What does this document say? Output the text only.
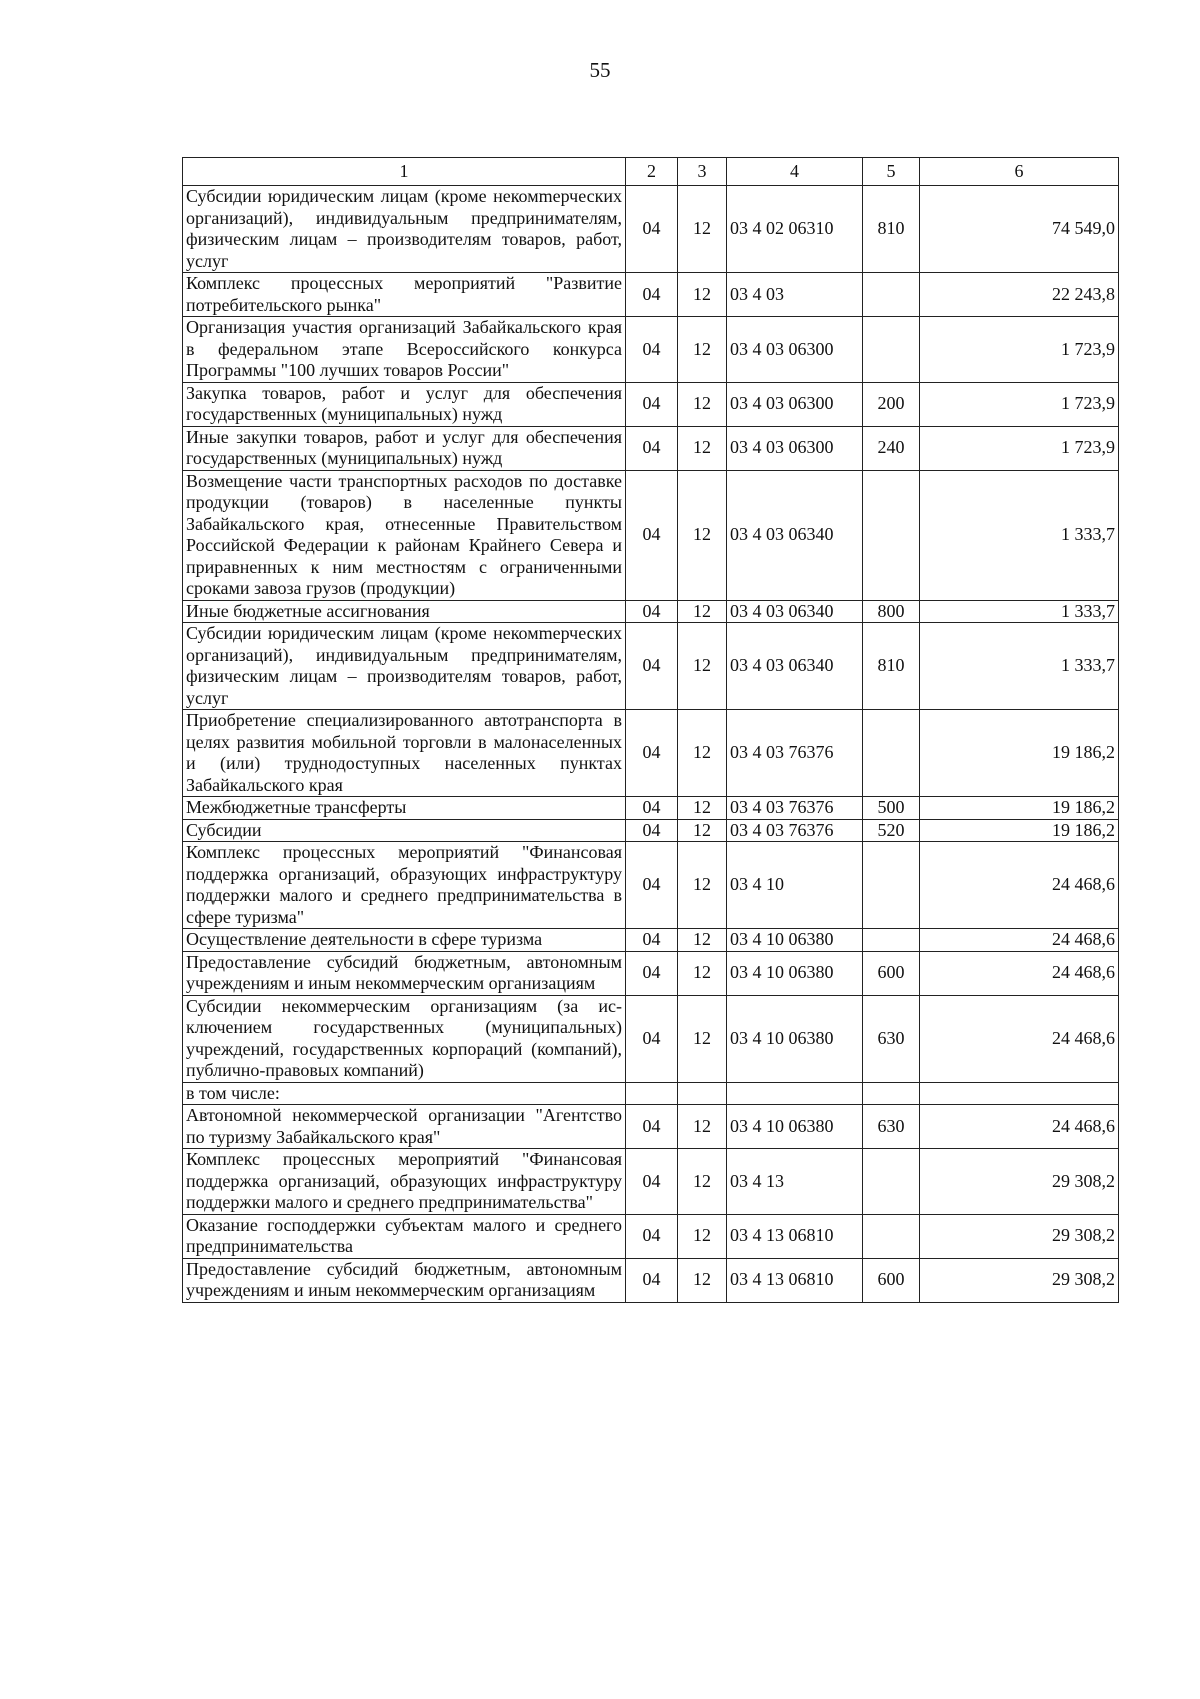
55
1	2	3	4	5	6
Субсидии юридическим лицам (кроме некомmерческих организаций), индивидуальным предпринимателям, физическим лицам – производителям товаров, работ, услуг	04	12	03 4 02 06310	810	74 549,0
Комплекс процессных мероприятий "Развитие потребительского рынка"	04	12	03 4 03		22 243,8
Организация участия организаций Забайкальского края в федеральном этапе Всероссийского конкурса Программы "100 лучших товаров России"	04	12	03 4 03 06300		1 723,9
Закупка товаров, работ и услуг для обеспечения государственных (муниципальных) нужд	04	12	03 4 03 06300	200	1 723,9
Иные закупки товаров, работ и услуг для обеспечения государственных (муниципальных) нужд	04	12	03 4 03 06300	240	1 723,9
Возмещение части транспортных расходов по доставке продукции (товаров) в населенные пункты Забайкальского края, отнесенные Правительством Российской Федерации к районам Крайнего Севера и приравненных к ним местностям с ограниченными сроками завоза грузов (продукции)	04	12	03 4 03 06340		1 333,7
Иные бюджетные ассигнования	04	12	03 4 03 06340	800	1 333,7
Субсидии юридическим лицам (кроме некомmерческих организаций), индивидуальным предпринимателям, физическим лицам – производителям товаров, работ, услуг	04	12	03 4 03 06340	810	1 333,7
Приобретение специализированного автотранспорта в целях развития мобильной торговли в малонаселенных и (или) труднодоступных населенных пунктах Забайкальского края	04	12	03 4 03 76376		19 186,2
Межбюджетные трансферты	04	12	03 4 03 76376	500	19 186,2
Субсидии	04	12	03 4 03 76376	520	19 186,2
Комплекс процессных мероприятий "Финансовая поддержка организаций, образующих инфраструктуру поддержки малого и среднего предпринимательства в сфере туризма"	04	12	03 4 10		24 468,6
Осуществление деятельности в сфере туризма	04	12	03 4 10 06380		24 468,6
Предоставление субсидий бюджетным, автономным учреждениям и иным некоммерческим организациям	04	12	03 4 10 06380	600	24 468,6
Субсидии некоммерческим организациям (за исключением государственных (муниципальных) учреждений, государственных корпораций (компаний), публично-правовых компаний)	04	12	03 4 10 06380	630	24 468,6
в том числе:					
Автономной некоммерческой организации "Агентство по туризму Забайкальского края"	04	12	03 4 10 06380	630	24 468,6
Комплекс процессных мероприятий "Финансовая поддержка организаций, образующих инфраструктуру поддержки малого и среднего предпринимательства"	04	12	03 4 13		29 308,2
Оказание господдержки субъектам малого и среднего предпринимательства	04	12	03 4 13 06810		29 308,2
Предоставление субсидий бюджетным, автономным учреждениям и иным некоммерческим организациям	04	12	03 4 13 06810	600	29 308,2
